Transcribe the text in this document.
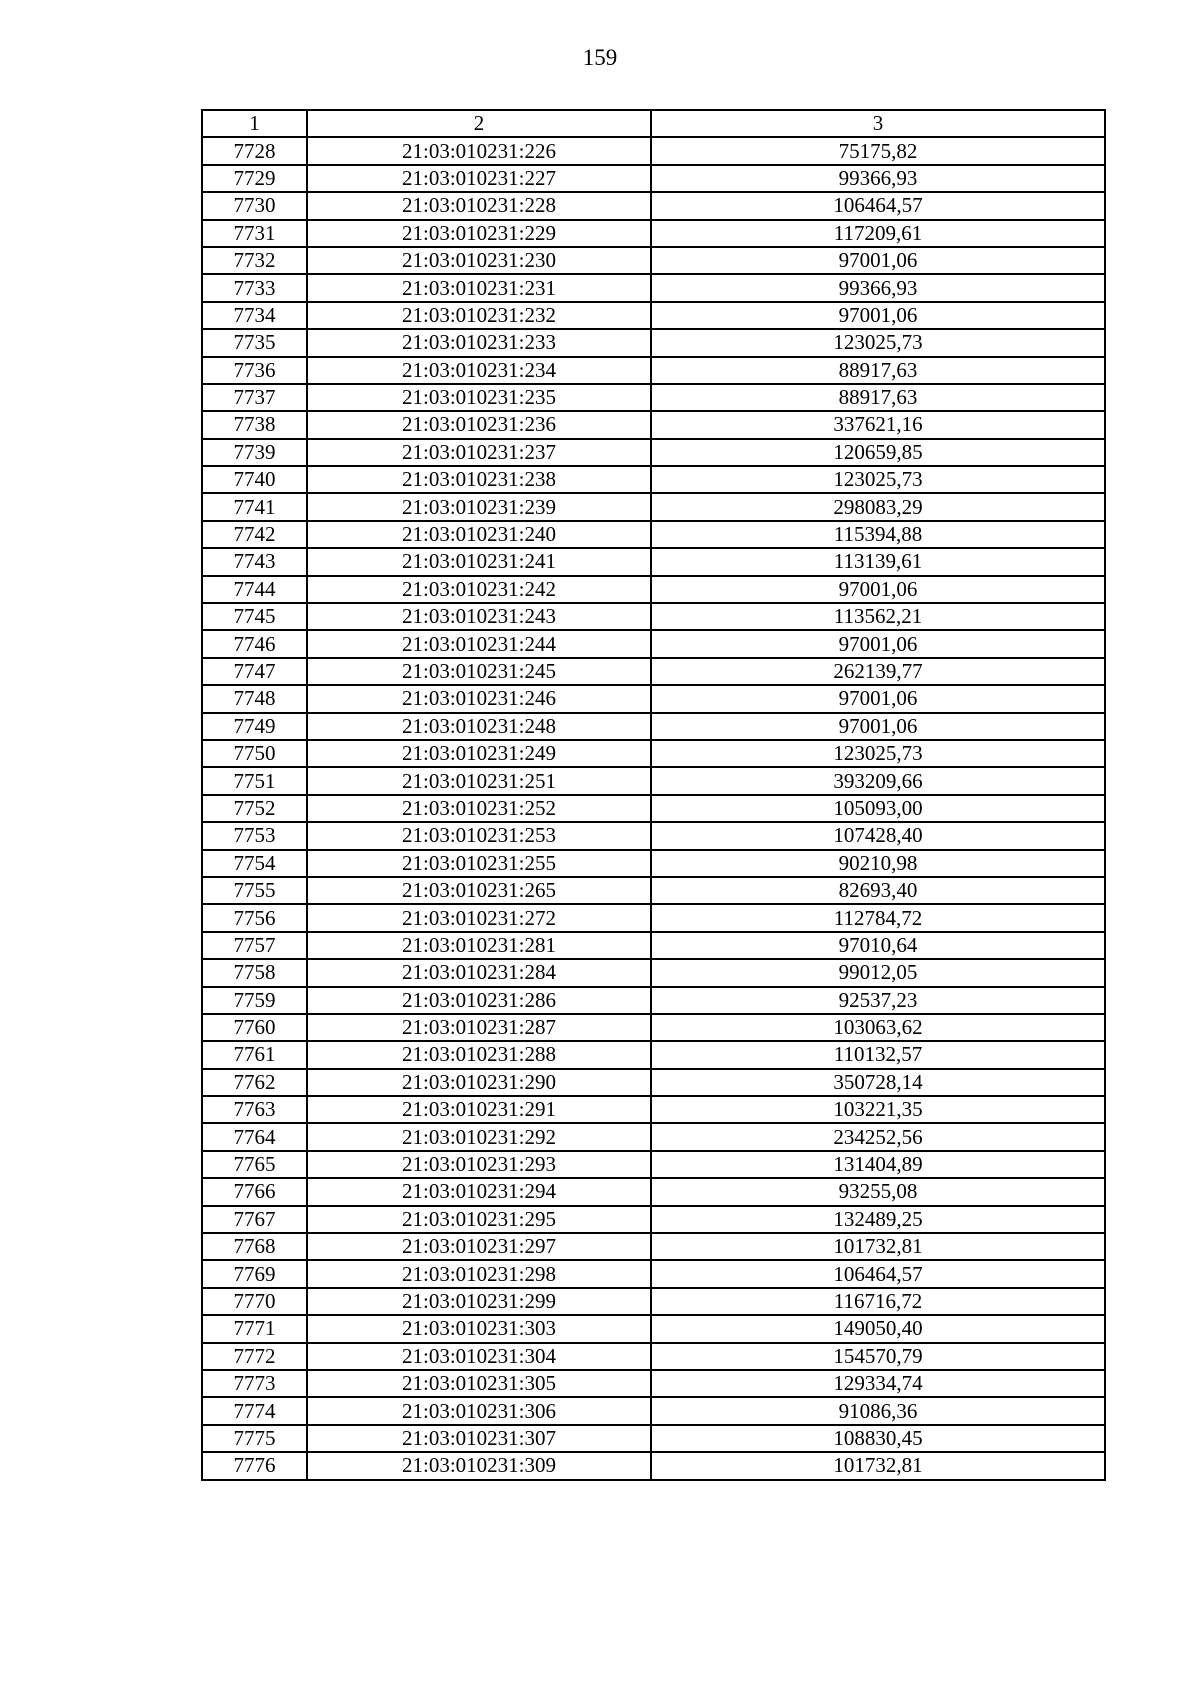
159
1	2	3
7728	21:03:010231:226	75175,82
7729	21:03:010231:227	99366,93
7730	21:03:010231:228	106464,57
7731	21:03:010231:229	117209,61
7732	21:03:010231:230	97001,06
7733	21:03:010231:231	99366,93
7734	21:03:010231:232	97001,06
7735	21:03:010231:233	123025,73
7736	21:03:010231:234	88917,63
7737	21:03:010231:235	88917,63
7738	21:03:010231:236	337621,16
7739	21:03:010231:237	120659,85
7740	21:03:010231:238	123025,73
7741	21:03:010231:239	298083,29
7742	21:03:010231:240	115394,88
7743	21:03:010231:241	113139,61
7744	21:03:010231:242	97001,06
7745	21:03:010231:243	113562,21
7746	21:03:010231:244	97001,06
7747	21:03:010231:245	262139,77
7748	21:03:010231:246	97001,06
7749	21:03:010231:248	97001,06
7750	21:03:010231:249	123025,73
7751	21:03:010231:251	393209,66
7752	21:03:010231:252	105093,00
7753	21:03:010231:253	107428,40
7754	21:03:010231:255	90210,98
7755	21:03:010231:265	82693,40
7756	21:03:010231:272	112784,72
7757	21:03:010231:281	97010,64
7758	21:03:010231:284	99012,05
7759	21:03:010231:286	92537,23
7760	21:03:010231:287	103063,62
7761	21:03:010231:288	110132,57
7762	21:03:010231:290	350728,14
7763	21:03:010231:291	103221,35
7764	21:03:010231:292	234252,56
7765	21:03:010231:293	131404,89
7766	21:03:010231:294	93255,08
7767	21:03:010231:295	132489,25
7768	21:03:010231:297	101732,81
7769	21:03:010231:298	106464,57
7770	21:03:010231:299	116716,72
7771	21:03:010231:303	149050,40
7772	21:03:010231:304	154570,79
7773	21:03:010231:305	129334,74
7774	21:03:010231:306	91086,36
7775	21:03:010231:307	108830,45
7776	21:03:010231:309	101732,81
